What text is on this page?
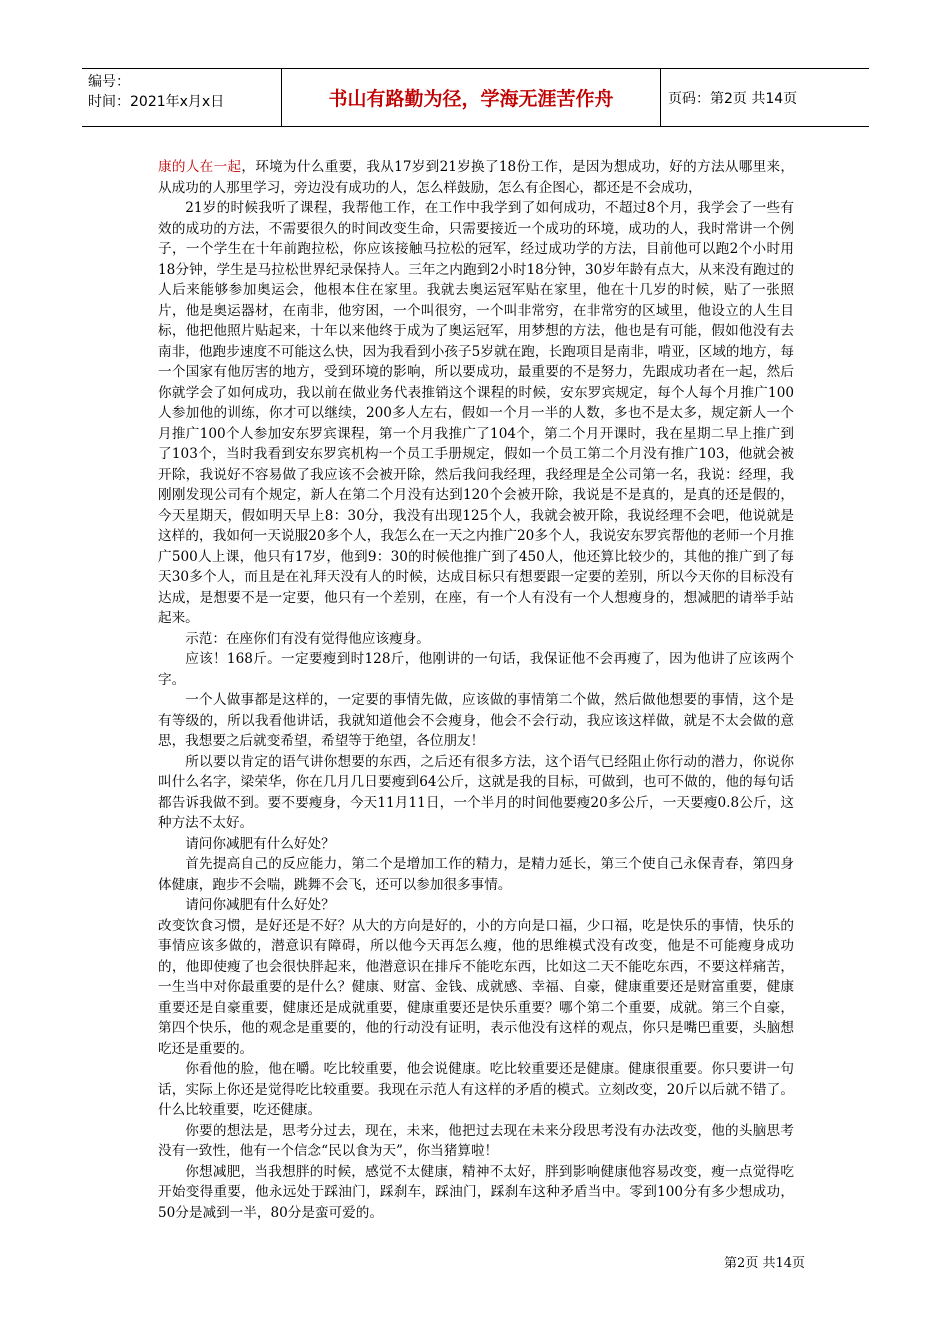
编号：
时间：2021年x月x日	书山有路勤为径，学海无涯苦作舟	页码：第2页 共14页

康的人在一起，环境为什么重要，我从17岁到21岁换了18份工作，是因为想成功，好的方法从哪里来，从成功的人那里学习，旁边没有成功的人，怎么样鼓励，怎么有企图心，都还是不会成功，

21岁的时候我听了课程，我帮他工作，在工作中我学到了如何成功，不超过8个月，我学会了一些有效的成功的方法，不需要很久的时间改变生命，只需要接近一个成功的环境，成功的人，我时常讲一个例子，一个学生在十年前跑拉松，你应该接触马拉松的冠军，经过成功学的方法，目前他可以跑2个小时用18分钟，学生是马拉松世界纪录保持人。三年之内跑到2小时18分钟，30岁年龄有点大，从来没有跑过的人后来能够参加奥运会，他根本住在家里。我就去奥运冠军贴在家里，他在十几岁的时候，贴了一张照片，他是奥运器材，在南非，他穷困，一个叫很穷，一个叫非常穷，在非常穷的区域里，他设立的人生目标，他把他照片贴起来，十年以来他终于成为了奥运冠军，用梦想的方法，他也是有可能，假如他没有去南非，他跑步速度不可能这么快，因为我看到小孩子5岁就在跑，长跑项目是南非，啃亚，区域的地方，每一个国家有他厉害的地方，受到环境的影响，所以要成功，最重要的不是努力，先跟成功者在一起，然后你就学会了如何成功，我以前在做业务代表推销这个课程的时候，安东罗宾规定，每个人每个月推广100人参加他的训练，你才可以继续，200多人左右，假如一个月一半的人数，多也不是太多，规定新人一个月推广100个人参加安东罗宾课程，第一个月我推广了104个，第二个月开课时，我在星期二早上推广到了103个，当时我看到安东罗宾机构一个员工手册规定，假如一个员工第二个月没有推广103，他就会被开除，我说好不容易做了我应该不会被开除，然后我问我经理，我经理是全公司第一名，我说：经理，我刚刚发现公司有个规定，新人在第二个月没有达到120个会被开除，我说是不是真的，是真的还是假的，今天星期天，假如明天早上8：30分，我没有出现125个人，我就会被开除，我说经理不会吧，他说就是这样的，我如何一天说服20多个人，我怎么在一天之内推广20多个人，我说安东罗宾帮他的老师一个月推广500人上课，他只有17岁，他到9：30的时候他推广到了450人，他还算比较少的，其他的推广到了每天30多个人，而且是在礼拜天没有人的时候，达成目标只有想要跟一定要的差别，所以今天你的目标没有达成，是想要不是一定要，他只有一个差别，在座，有一个人有没有一个人想瘦身的，想减肥的请举手站起来。

示范：在座你们有没有觉得他应该瘦身。

应该！168斤。一定要瘦到时128斤，他刚讲的一句话，我保证他不会再瘦了，因为他讲了应该两个字。

一个人做事都是这样的，一定要的事情先做，应该做的事情第二个做，然后做他想要的事情，这个是有等级的，所以我看他讲话，我就知道他会不会瘦身，他会不会行动，我应该这样做，就是不太会做的意思，我想要之后就变希望，希望等于绝望，各位朋友！

所以要以肯定的语气讲你想要的东西，之后还有很多方法，这个语气已经阻止你行动的潜力，你说你叫什么名字，梁荣华，你在几月几日要瘦到64公斤，这就是我的目标，可做到，也可不做的，他的每句话都告诉我做不到。要不要瘦身，今天11月11日，一个半月的时间他要瘦20多公斤，一天要瘦0.8公斤，这种方法不太好。

请问你减肥有什么好处？

首先提高自己的反应能力，第二个是增加工作的精力，是精力延长，第三个使自己永保青春，第四身体健康，跑步不会喘，跳舞不会飞，还可以参加很多事情。

请问你减肥有什么好处？

改变饮食习惯，是好还是不好？从大的方向是好的，小的方向是口福，少口福，吃是快乐的事情，快乐的事情应该多做的，潜意识有障碍，所以他今天再怎么瘦，他的思维模式没有改变，他是不可能瘦身成功的，他即使瘦了也会很快胖起来，他潜意识在排斥不能吃东西，比如这二天不能吃东西，不要这样痛苦，一生当中对你最重要的是什么？健康、财富、金钱、成就感、幸福、自豪，健康重要还是财富重要，健康重要还是自豪重要，健康还是成就重要，健康重要还是快乐重要？哪个第二个重要，成就。第三个自豪，第四个快乐，他的观念是重要的，他的行动没有证明，表示他没有这样的观点，你只是嘴巴重要，头脑想吃还是重要的。

你看他的脸，他在嚼。吃比较重要，他会说健康。吃比较重要还是健康。健康很重要。你只要讲一句话，实际上你还是觉得吃比较重要。我现在示范人有这样的矛盾的模式。立刻改变，20斤以后就不错了。什么比较重要，吃还健康。

你要的想法是，思考分过去，现在，未来，他把过去现在未来分段思考没有办法改变，他的头脑思考没有一致性，他有一个信念“民以食为天”，你当猪算啦！

你想减肥，当我想胖的时候，感觉不太健康，精神不太好，胖到影响健康他容易改变，瘦一点觉得吃开始变得重要，他永远处于踩油门，踩刹车，踩油门，踩刹车这种矛盾当中。零到100分有多少想成功，50分是减到一半，80分是蛮可爱的。

第2页 共14页
